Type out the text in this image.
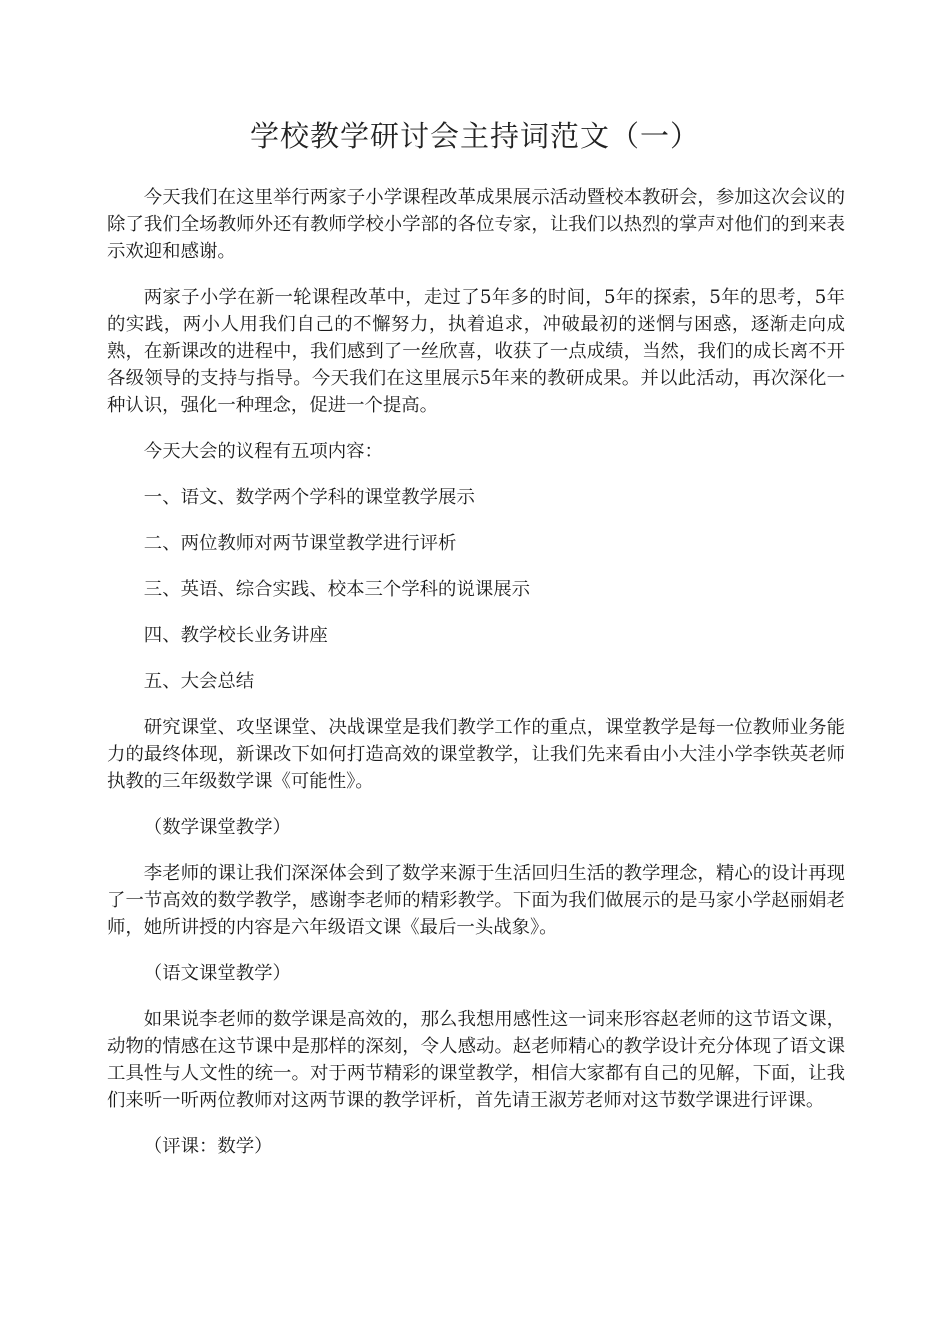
学校教学研讨会主持词范文（一）

今天我们在这里举行两家子小学课程改革成果展示活动暨校本教研会，参加这次会议的除了我们全场教师外还有教师学校小学部的各位专家，让我们以热烈的掌声对他们的到来表示欢迎和感谢。

两家子小学在新一轮课程改革中，走过了5年多的时间，5年的探索，5年的思考，5年的实践，两小人用我们自己的不懈努力，执着追求，冲破最初的迷惘与困惑，逐渐走向成熟，在新课改的进程中，我们感到了一丝欣喜，收获了一点成绩，当然，我们的成长离不开各级领导的支持与指导。今天我们在这里展示5年来的教研成果。并以此活动，再次深化一种认识，强化一种理念，促进一个提高。

今天大会的议程有五项内容：

一、语文、数学两个学科的课堂教学展示

二、两位教师对两节课堂教学进行评析

三、英语、综合实践、校本三个学科的说课展示

四、教学校长业务讲座

五、大会总结

研究课堂、攻坚课堂、决战课堂是我们教学工作的重点，课堂教学是每一位教师业务能力的最终体现，新课改下如何打造高效的课堂教学，让我们先来看由小大洼小学李铁英老师执教的三年级数学课《可能性》。

（数学课堂教学）

李老师的课让我们深深体会到了数学来源于生活回归生活的教学理念，精心的设计再现了一节高效的数学教学，感谢李老师的精彩教学。下面为我们做展示的是马家小学赵丽娟老师，她所讲授的内容是六年级语文课《最后一头战象》。

（语文课堂教学）

如果说李老师的数学课是高效的，那么我想用感性这一词来形容赵老师的这节语文课，动物的情感在这节课中是那样的深刻，令人感动。赵老师精心的教学设计充分体现了语文课工具性与人文性的统一。对于两节精彩的课堂教学，相信大家都有自己的见解，下面，让我们来听一听两位教师对这两节课的教学评析，首先请王淑芳老师对这节数学课进行评课。

（评课：数学）
